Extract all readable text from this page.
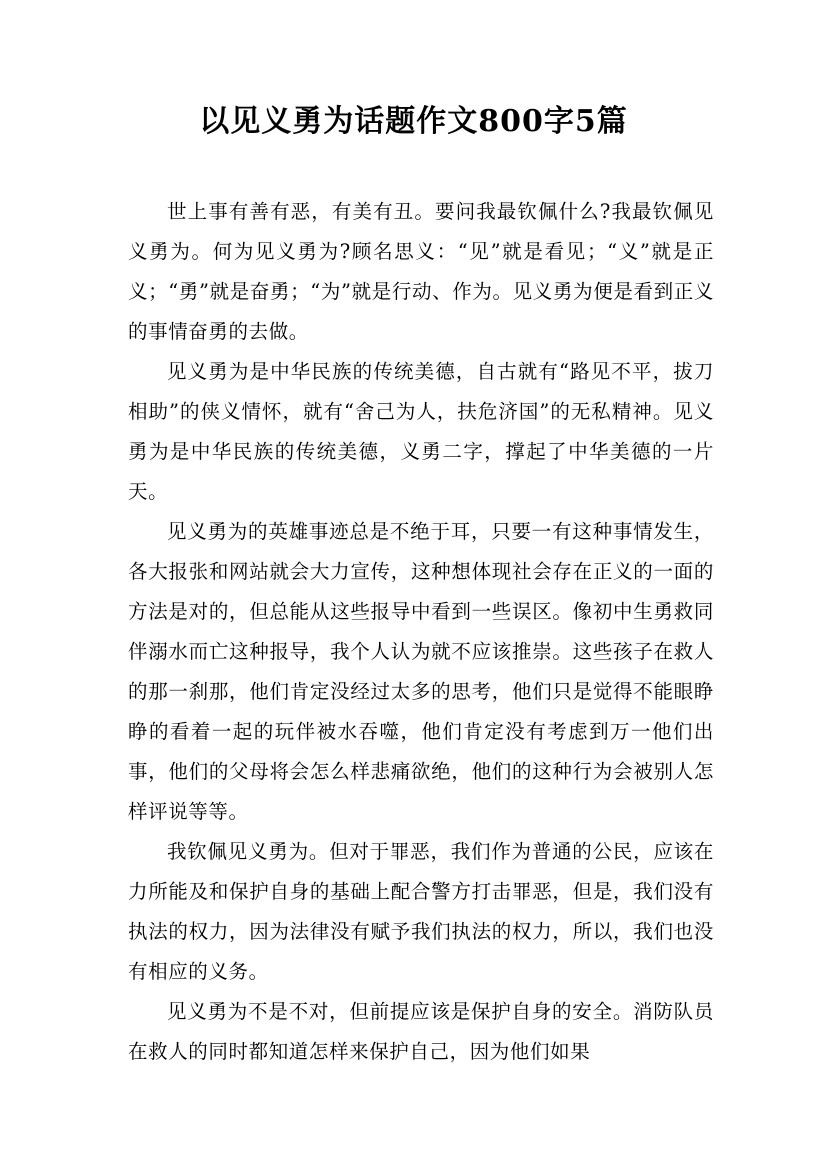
以见义勇为话题作文800字5篇

世上事有善有恶，有美有丑。要问我最钦佩什么?我最钦佩见义勇为。何为见义勇为?顾名思义：“见”就是看见；“义”就是正义；“勇”就是奋勇；“为”就是行动、作为。见义勇为便是看到正义的事情奋勇的去做。

见义勇为是中华民族的传统美德，自古就有“路见不平，拔刀相助”的侠义情怀，就有“舍己为人，扶危济国”的无私精神。见义勇为是中华民族的传统美德，义勇二字，撑起了中华美德的一片天。

见义勇为的英雄事迹总是不绝于耳，只要一有这种事情发生，各大报张和网站就会大力宣传，这种想体现社会存在正义的一面的方法是对的，但总能从这些报导中看到一些误区。像初中生勇救同伴溺水而亡这种报导，我个人认为就不应该推崇。这些孩子在救人的那一刹那，他们肯定没经过太多的思考，他们只是觉得不能眼睁睁的看着一起的玩伴被水吞噬，他们肯定没有考虑到万一他们出事，他们的父母将会怎么样悲痛欲绝，他们的这种行为会被别人怎样评说等等。

我钦佩见义勇为。但对于罪恶，我们作为普通的公民，应该在力所能及和保护自身的基础上配合警方打击罪恶，但是，我们没有执法的权力，因为法律没有赋予我们执法的权力，所以，我们也没有相应的义务。

见义勇为不是不对，但前提应该是保护自身的安全。消防队员在救人的同时都知道怎样来保护自己，因为他们如果
